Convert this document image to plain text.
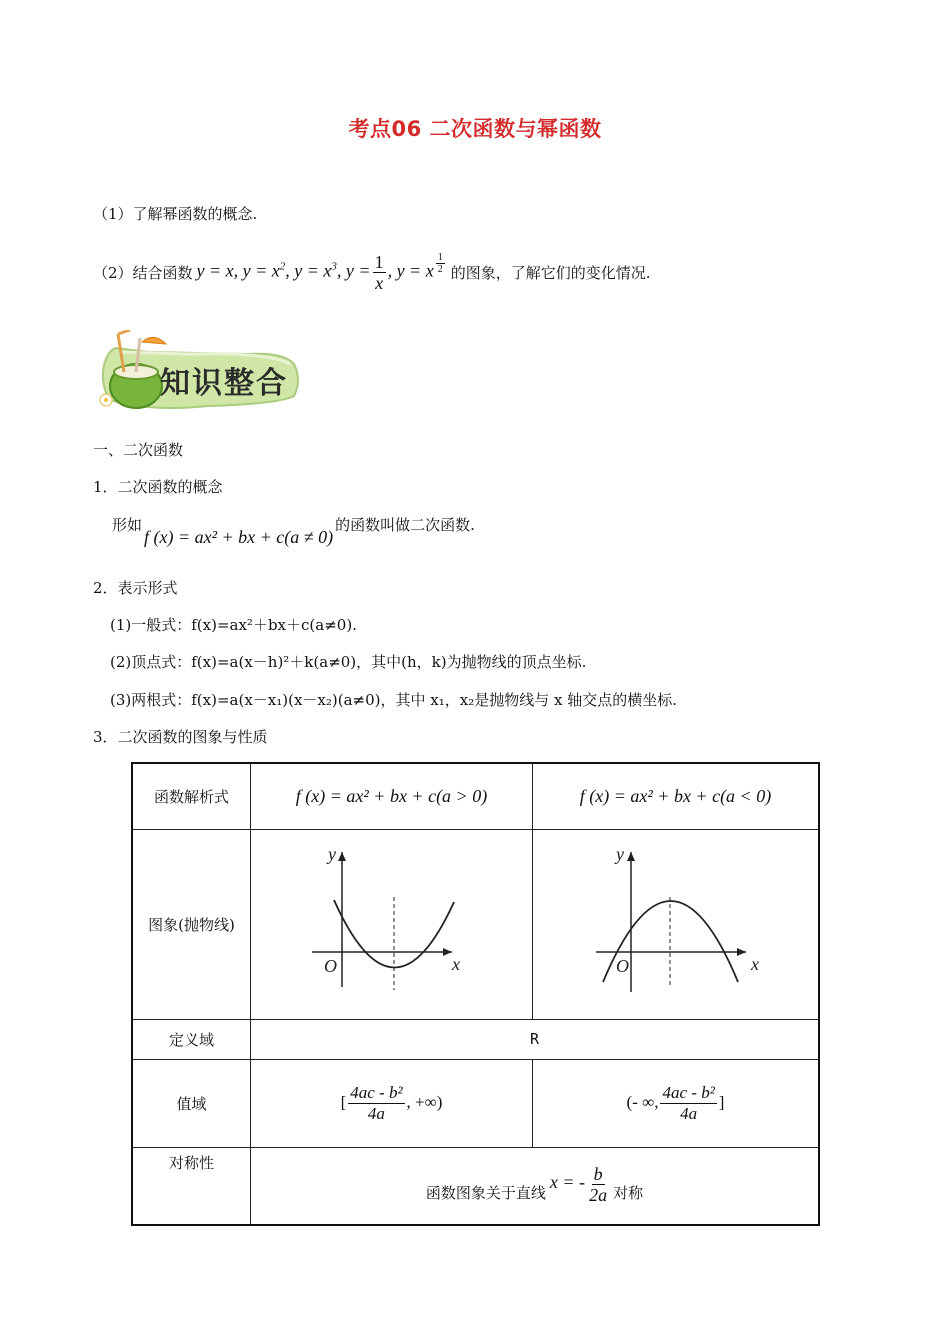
考点06 二次函数与幂函数
（1）了解幂函数的概念.
（2）结合函数 y = x, $y = x^2$, $y = x^3$, $y = \frac{1}{x}$ , y = x $^{\frac{1}{2}}$ 的图象，了解它们的变化情况.
知识整合
一、二次函数
1．二次函数的概念
形如
f (x) = ax² + bx + c(a ≠ 0)
的函数叫做二次函数.
2．表示形式
(1)一般式：f(x)=ax²＋bx＋c(a≠0).
(2)顶点式：f(x)=a(x－h)²＋k(a≠0)，其中(h，k)为抛物线的顶点坐标.
(3)两根式：f(x)=a(x－x₁)(x－x₂)(a≠0)，其中 x₁，x₂是抛物线与 x 轴交点的横坐标.
3．二次函数的图象与性质
函数解析式	f (x) = ax² + bx + c(a > 0)	f (x) = ax² + bx + c(a < 0)
图象(抛物线)	y
x
O	y
x
O

定义域	R	
值域	[ $\frac{\text{4ac - b²}}{4a}$ , +∞)	(- ∞, $\frac{\text{4ac - b²}}{4a}$ ]
对称性	函数图象关于直线
x = - $\frac{b}{2a}$ 对称	
